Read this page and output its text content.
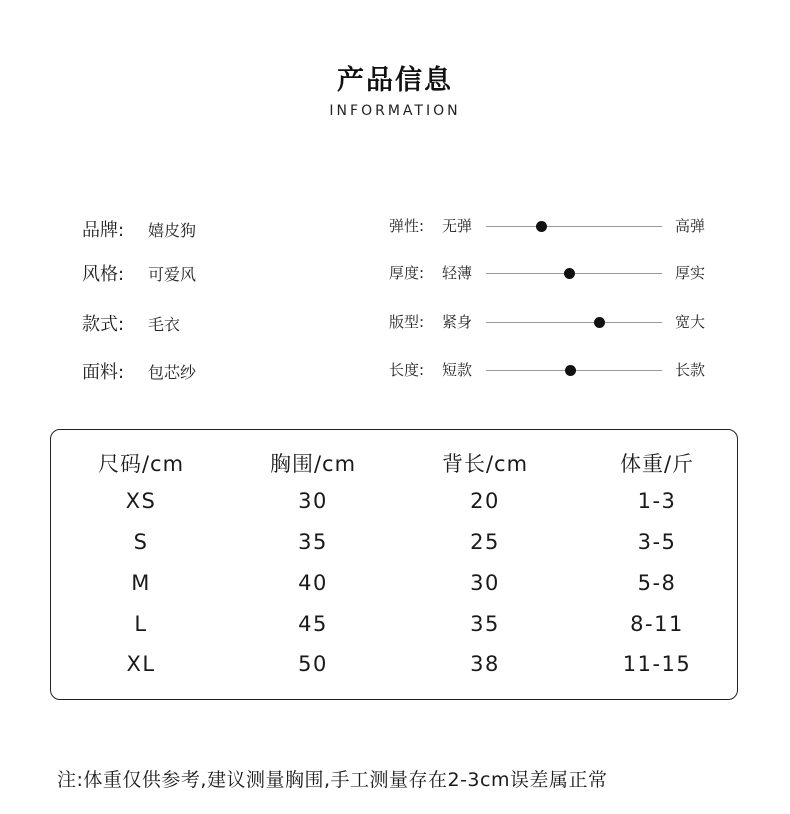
产品信息
INFORMATION
品牌: 嬉皮狗
风格: 可爱风
款式: 毛衣
面料: 包芯纱
弹性: 无弹	高弹
厚度: 轻薄	厚实
版型: 紧身	宽大
长度: 短款	长款
尺码/cm	胸围/cm	背长/cm	体重/斤
XS	30	20	1-3
S	35	25	3-5
M	40	30	5-8
L	45	35	8-11
XL	50	38	11-15
注:体重仅供参考,建议测量胸围,手工测量存在2-3cm误差属正常
